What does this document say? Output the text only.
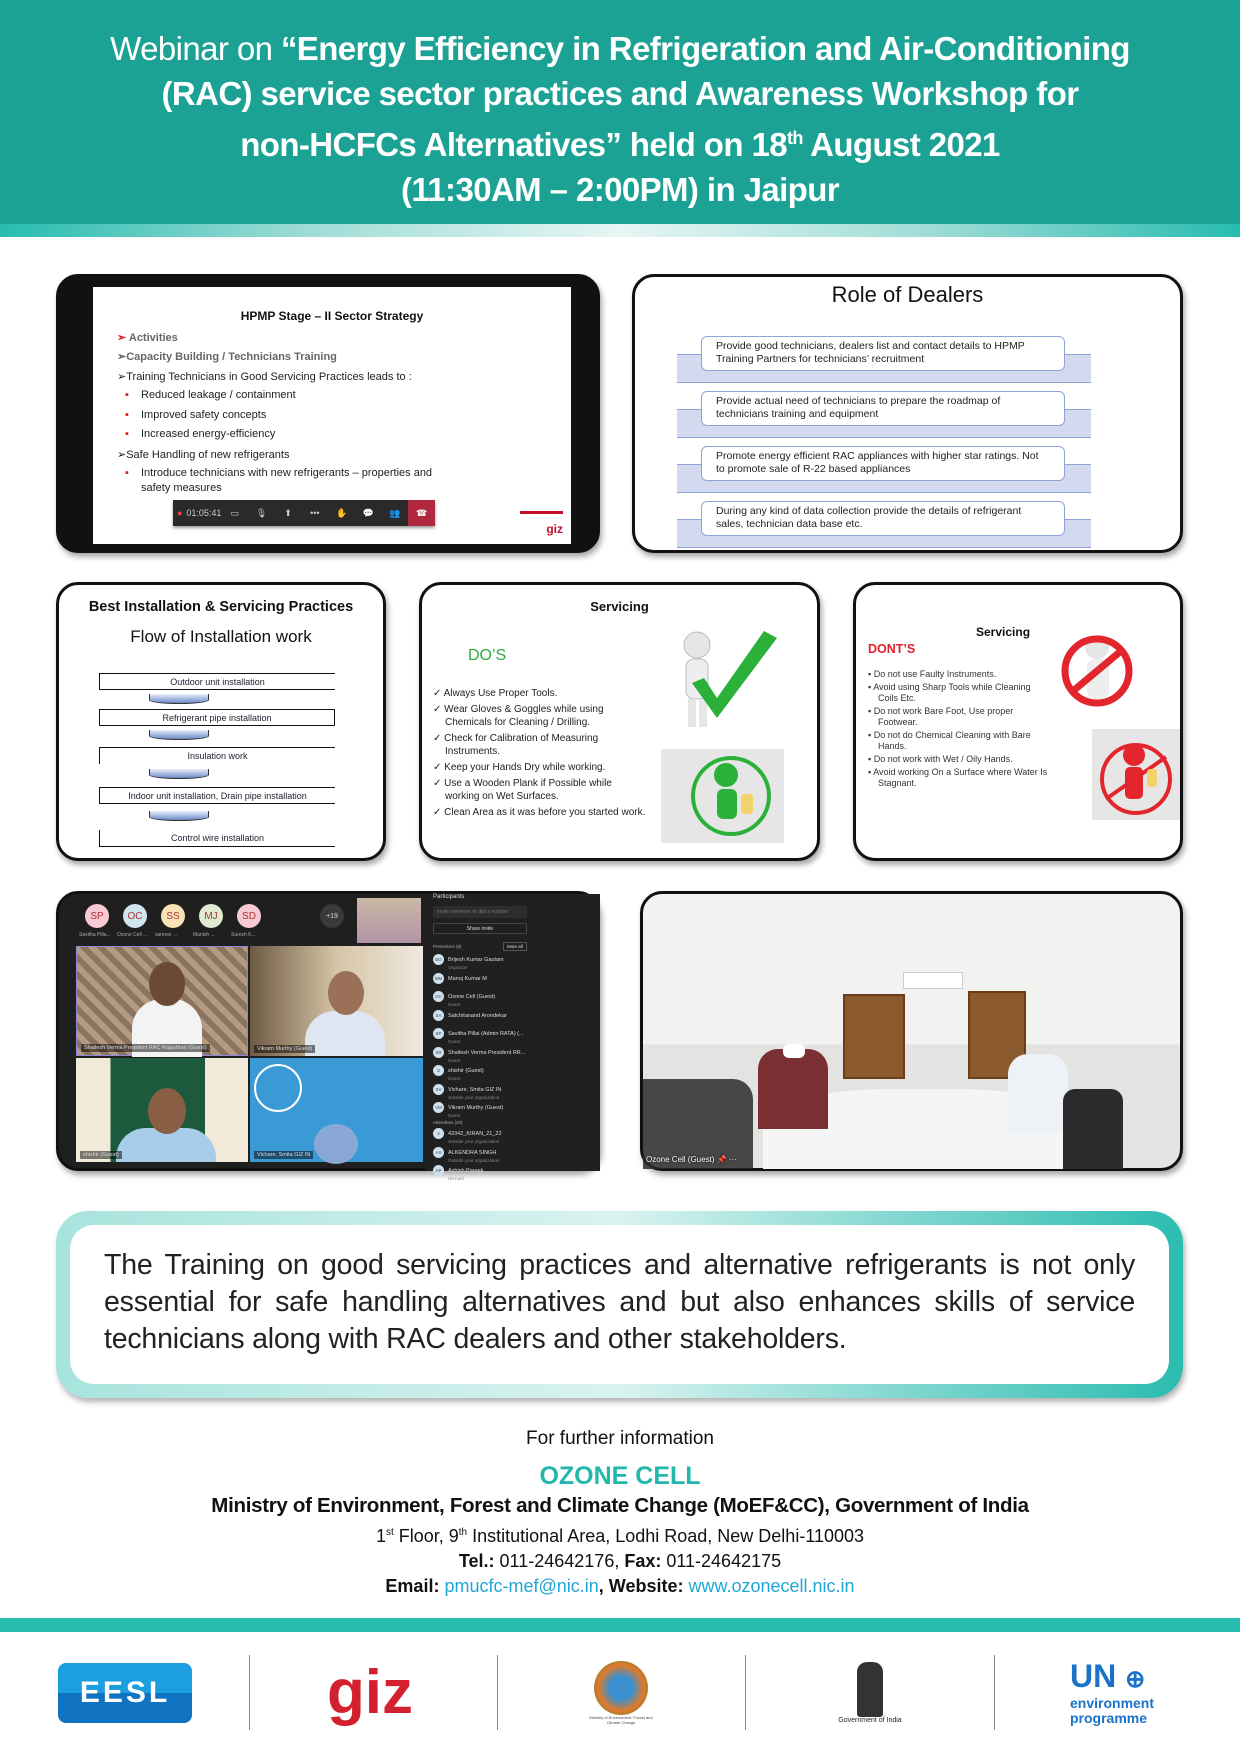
Webinar on “Energy Efficiency in Refrigeration and Air-Conditioning
(RAC) service sector practices and Awareness Workshop for
non-HCFCs Alternatives” held on 18th August 2021
(11:30AM – 2:00PM) in Jaipur
HPMP Stage – II Sector Strategy
➢ Activities
➢Capacity Building / Technicians Training
➢Training Technicians in Good Servicing Practices leads to :
▪ Reduced leakage / containment
▪ Improved safety concepts
▪ Increased energy-efficiency
➢Safe Handling of new refrigerants
▪ Introduce technicians with new refrigerants – properties and
safety measures
● 01:05:41	▭	🎙	⬆	•••	✋	💬	👥	☎
giz
Role of Dealers
Provide good technicians, dealers list and contact details to HPMP Training Partners for technicians’ recruitment
Provide actual need of technicians to prepare the roadmap of technicians training and equipment
Promote energy efficient RAC appliances with higher star ratings. Not to promote sale of R-22 based appliances
During any kind of data collection provide the details of refrigerant sales, technician data base etc.
Best Installation & Servicing Practices
Flow of Installation work
Outdoor unit installation
Refrigerant pipe installation
Insulation work
Indoor unit installation, Drain pipe installation
Control wire installation
Servicing
DO’S
✓ Always Use Proper Tools.
✓ Wear Gloves & Goggles while using Chemicals for Cleaning / Drilling.
✓ Check for Calibration of Measuring Instruments.
✓ Keep your Hands Dry while working.
✓ Use a Wooden Plank if Possible while working on Wet Surfaces.
✓ Clean Area as it was before you started work.
Servicing
DONT’S
▪ Do not use Faulty Instruments.
▪ Avoid using Sharp Tools while Cleaning Coils Etc.
▪ Do not work Bare Foot, Use proper Footwear.
▪ Do not do Chemical Cleaning with Bare Hands.
▪ Do not work with Wet / Oily Hands.
▪ Avoid working On a Surface where Water Is Stagnant.
SP
Savitha Pilla...
OC
Ozone Cell ...
SS
sameer ...
MJ
Manish ...
SD
Suresh K...
+19
Shailesh Verma President RAC Rajasthan (Guest)	Vikram Murthy (Guest)
shishir (Guest)	Vichare, Smita GIZ IN
Participants
Invite someone or dial a number
Share invite
Presenters (9)	Mute all
BG Brijesh Kumar Gautam
Organizer
MM Manoj Kumar M
OC Ozone Cell (Guest)
Guest
SA Satchitanand Arondekar
SP Savitha Pillai (Admin RATA) (...
Guest
SR Shailesh Verma President RR...
Guest
S shishir (Guest)
Guest
SV Vichare, Smita GIZ IN
Outside your organization
VM Vikram Murthy (Guest)
Guest
4 43342_KIRAN_21_22
Outside your organization
AS ALKENDRA SINGH
Outside your organization
AP Ashish Pareek
On hold
Attendees (20)
Ozone Cell (Guest) 📌 ···
The Training on good servicing practices and alternative refrigerants is not only essential for safe handling alternatives and but also enhances skills of service technicians along with RAC dealers and other stakeholders.
For further information
OZONE CELL
Ministry of Environment, Forest and Climate Change (MoEF&CC), Government of India
1st Floor, 9th Institutional Area, Lodhi Road, New Delhi-110003
Tel.: 011-24642176, Fax: 011-24642175
Email: pmucfc-mef@nic.in, Website: www.ozonecell.nic.in
EESL	giz	Ministry of Environment, Forest and Climate Change	Government of India
UN ⊕
environment
programme
